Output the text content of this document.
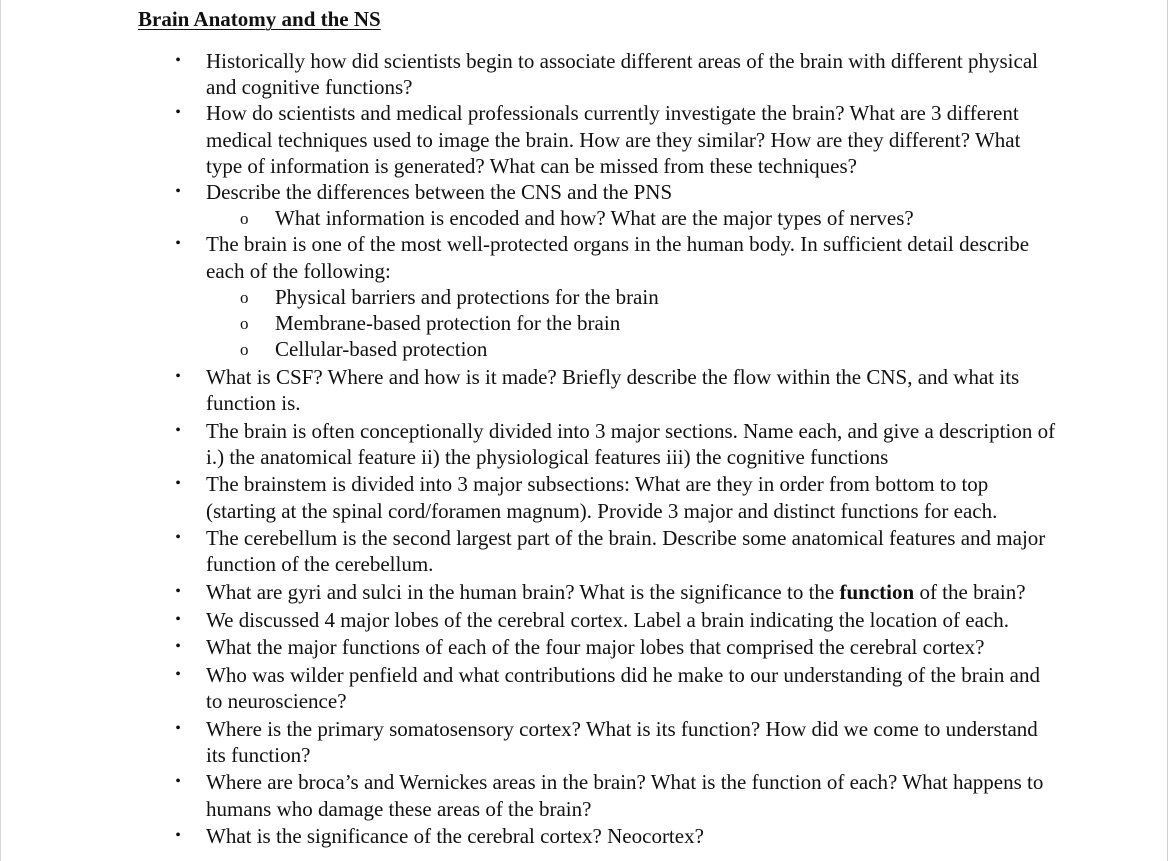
Brain Anatomy and the NS
• Historically how did scientists begin to associate different areas of the brain with different physical and cognitive functions?
• How do scientists and medical professionals currently investigate the brain? What are 3 different medical techniques used to image the brain. How are they similar? How are they different? What type of information is generated? What can be missed from these techniques?
• Describe the differences between the CNS and the PNS
o What information is encoded and how? What are the major types of nerves?
• The brain is one of the most well-protected organs in the human body. In sufficient detail describe each of the following:
o Physical barriers and protections for the brain
o Membrane-based protection for the brain
o Cellular-based protection
• What is CSF? Where and how is it made? Briefly describe the flow within the CNS, and what its function is.
• The brain is often conceptionally divided into 3 major sections. Name each, and give a description of i.) the anatomical feature ii) the physiological features iii) the cognitive functions
• The brainstem is divided into 3 major subsections: What are they in order from bottom to top (starting at the spinal cord/foramen magnum). Provide 3 major and distinct functions for each.
• The cerebellum is the second largest part of the brain. Describe some anatomical features and major function of the cerebellum.
• What are gyri and sulci in the human brain? What is the significance to the function of the brain?
• We discussed 4 major lobes of the cerebral cortex. Label a brain indicating the location of each.
• What the major functions of each of the four major lobes that comprised the cerebral cortex?
• Who was wilder penfield and what contributions did he make to our understanding of the brain and to neuroscience?
• Where is the primary somatosensory cortex? What is its function? How did we come to understand its function?
• Where are broca’s and Wernickes areas in the brain? What is the function of each? What happens to humans who damage these areas of the brain?
• What is the significance of the cerebral cortex? Neocortex?
